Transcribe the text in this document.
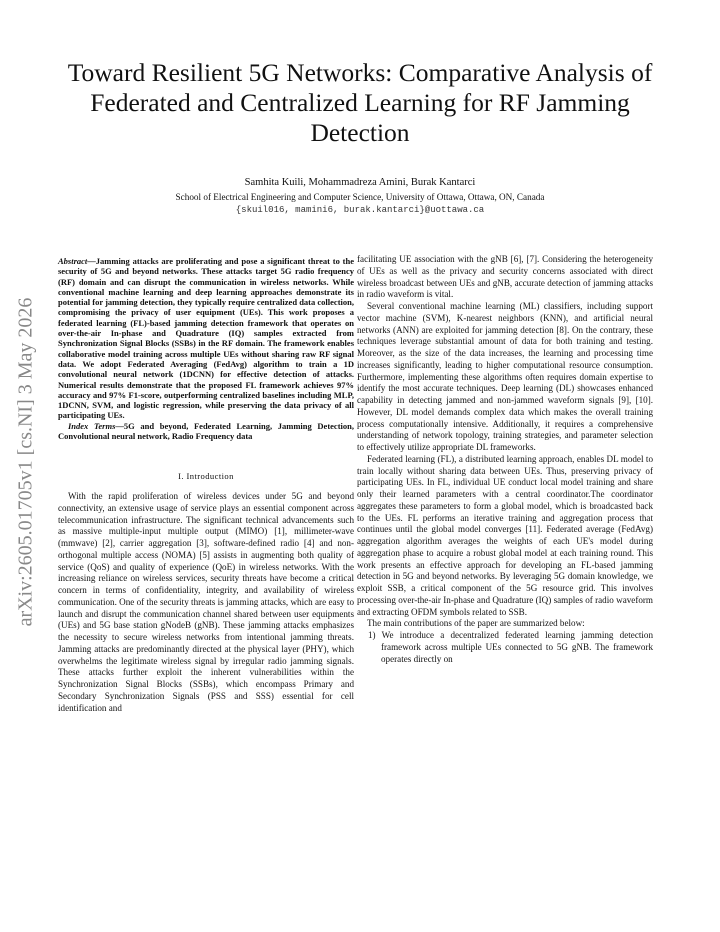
Toward Resilient 5G Networks: Comparative Analysis of Federated and Centralized Learning for RF Jamming Detection
Samhita Kuili, Mohammadreza Amini, Burak Kantarci
School of Electrical Engineering and Computer Science, University of Ottawa, Ottawa, ON, Canada
{skuil016, mamini6, burak.kantarci}@uottawa.ca
arXiv:2605.01705v1 [cs.NI] 3 May 2026

Abstract—Jamming attacks are proliferating and pose a significant threat to the security of 5G and beyond networks. These attacks target 5G radio frequency (RF) domain and can disrupt the communication in wireless networks. While conventional machine learning and deep learning approaches demonstrate its potential for jamming detection, they typically require centralized data collection, compromising the privacy of user equipment (UEs). This work proposes a federated learning (FL)-based jamming detection framework that operates on over-the-air In-phase and Quadrature (IQ) samples extracted from Synchronization Signal Blocks (SSBs) in the RF domain. The framework enables collaborative model training across multiple UEs without sharing raw RF signal data. We adopt Federated Averaging (FedAvg) algorithm to train a 1D convolutional neural network (1DCNN) for effective detection of attacks. Numerical results demonstrate that the proposed FL framework achieves 97% accuracy and 97% F1-score, outperforming centralized baselines including MLP, 1DCNN, SVM, and logistic regression, while preserving the data privacy of all participating UEs.

Index Terms—5G and beyond, Federated Learning, Jamming Detection, Convolutional neural network, Radio Frequency data

I. Introduction

With the rapid proliferation of wireless devices under 5G and beyond connectivity, an extensive usage of service plays an essential component across telecommunication infrastructure. The significant technical advancements such as massive multiple-input multiple output (MIMO) [1], millimeter-wave (mmwave) [2], carrier aggregation [3], software-defined radio [4] and non-orthogonal multiple access (NOMA) [5] assists in augmenting both quality of service (QoS) and quality of experience (QoE) in wireless networks. With the increasing reliance on wireless services, security threats have become a critical concern in terms of confidentiality, integrity, and availability of wireless communication. One of the security threats is jamming attacks, which are easy to launch and disrupt the communication channel shared between user equipments (UEs) and 5G base station gNodeB (gNB). These jamming attacks emphasizes the necessity to secure wireless networks from intentional jamming threats. Jamming attacks are predominantly directed at the physical layer (PHY), which overwhelms the legitimate wireless signal by irregular radio jamming signals. These attacks further exploit the inherent vulnerabilities within the Synchronization Signal Blocks (SSBs), which encompass Primary and Secondary Synchronization Signals (PSS and SSS) essential for cell identification and

facilitating UE association with the gNB [6], [7]. Considering the heterogeneity of UEs as well as the privacy and security concerns associated with direct wireless broadcast between UEs and gNB, accurate detection of jamming attacks in radio waveform is vital.

Several conventional machine learning (ML) classifiers, including support vector machine (SVM), K-nearest neighbors (KNN), and artificial neural networks (ANN) are exploited for jamming detection [8]. On the contrary, these techniques leverage substantial amount of data for both training and testing. Moreover, as the size of the data increases, the learning and processing time increases significantly, leading to higher computational resource consumption. Furthermore, implementing these algorithms often requires domain expertise to identify the most accurate techniques. Deep learning (DL) showcases enhanced capability in detecting jammed and non-jammed waveform signals [9], [10]. However, DL model demands complex data which makes the overall training process computationally intensive. Additionally, it requires a comprehensive understanding of network topology, training strategies, and parameter selection to effectively utilize appropriate DL frameworks.

Federated learning (FL), a distributed learning approach, enables DL model to train locally without sharing data between UEs. Thus, preserving privacy of participating UEs. In FL, individual UE conduct local model training and share only their learned parameters with a central coordinator.The coordinator aggregates these parameters to form a global model, which is broadcasted back to the UEs. FL performs an iterative training and aggregation process that continues until the global model converges [11]. Federated average (FedAvg) aggregation algorithm averages the weights of each UE's model during aggregation phase to acquire a robust global model at each training round. This work presents an effective approach for developing an FL-based jamming detection in 5G and beyond networks. By leveraging 5G domain knowledge, we exploit SSB, a critical component of the 5G resource grid. This involves processing over-the-air In-phase and Quadrature (IQ) samples of radio waveform and extracting OFDM symbols related to SSB.

The main contributions of the paper are summarized below:

1) We introduce a decentralized federated learning jamming detection framework across multiple UEs connected to 5G gNB. The framework operates directly on
